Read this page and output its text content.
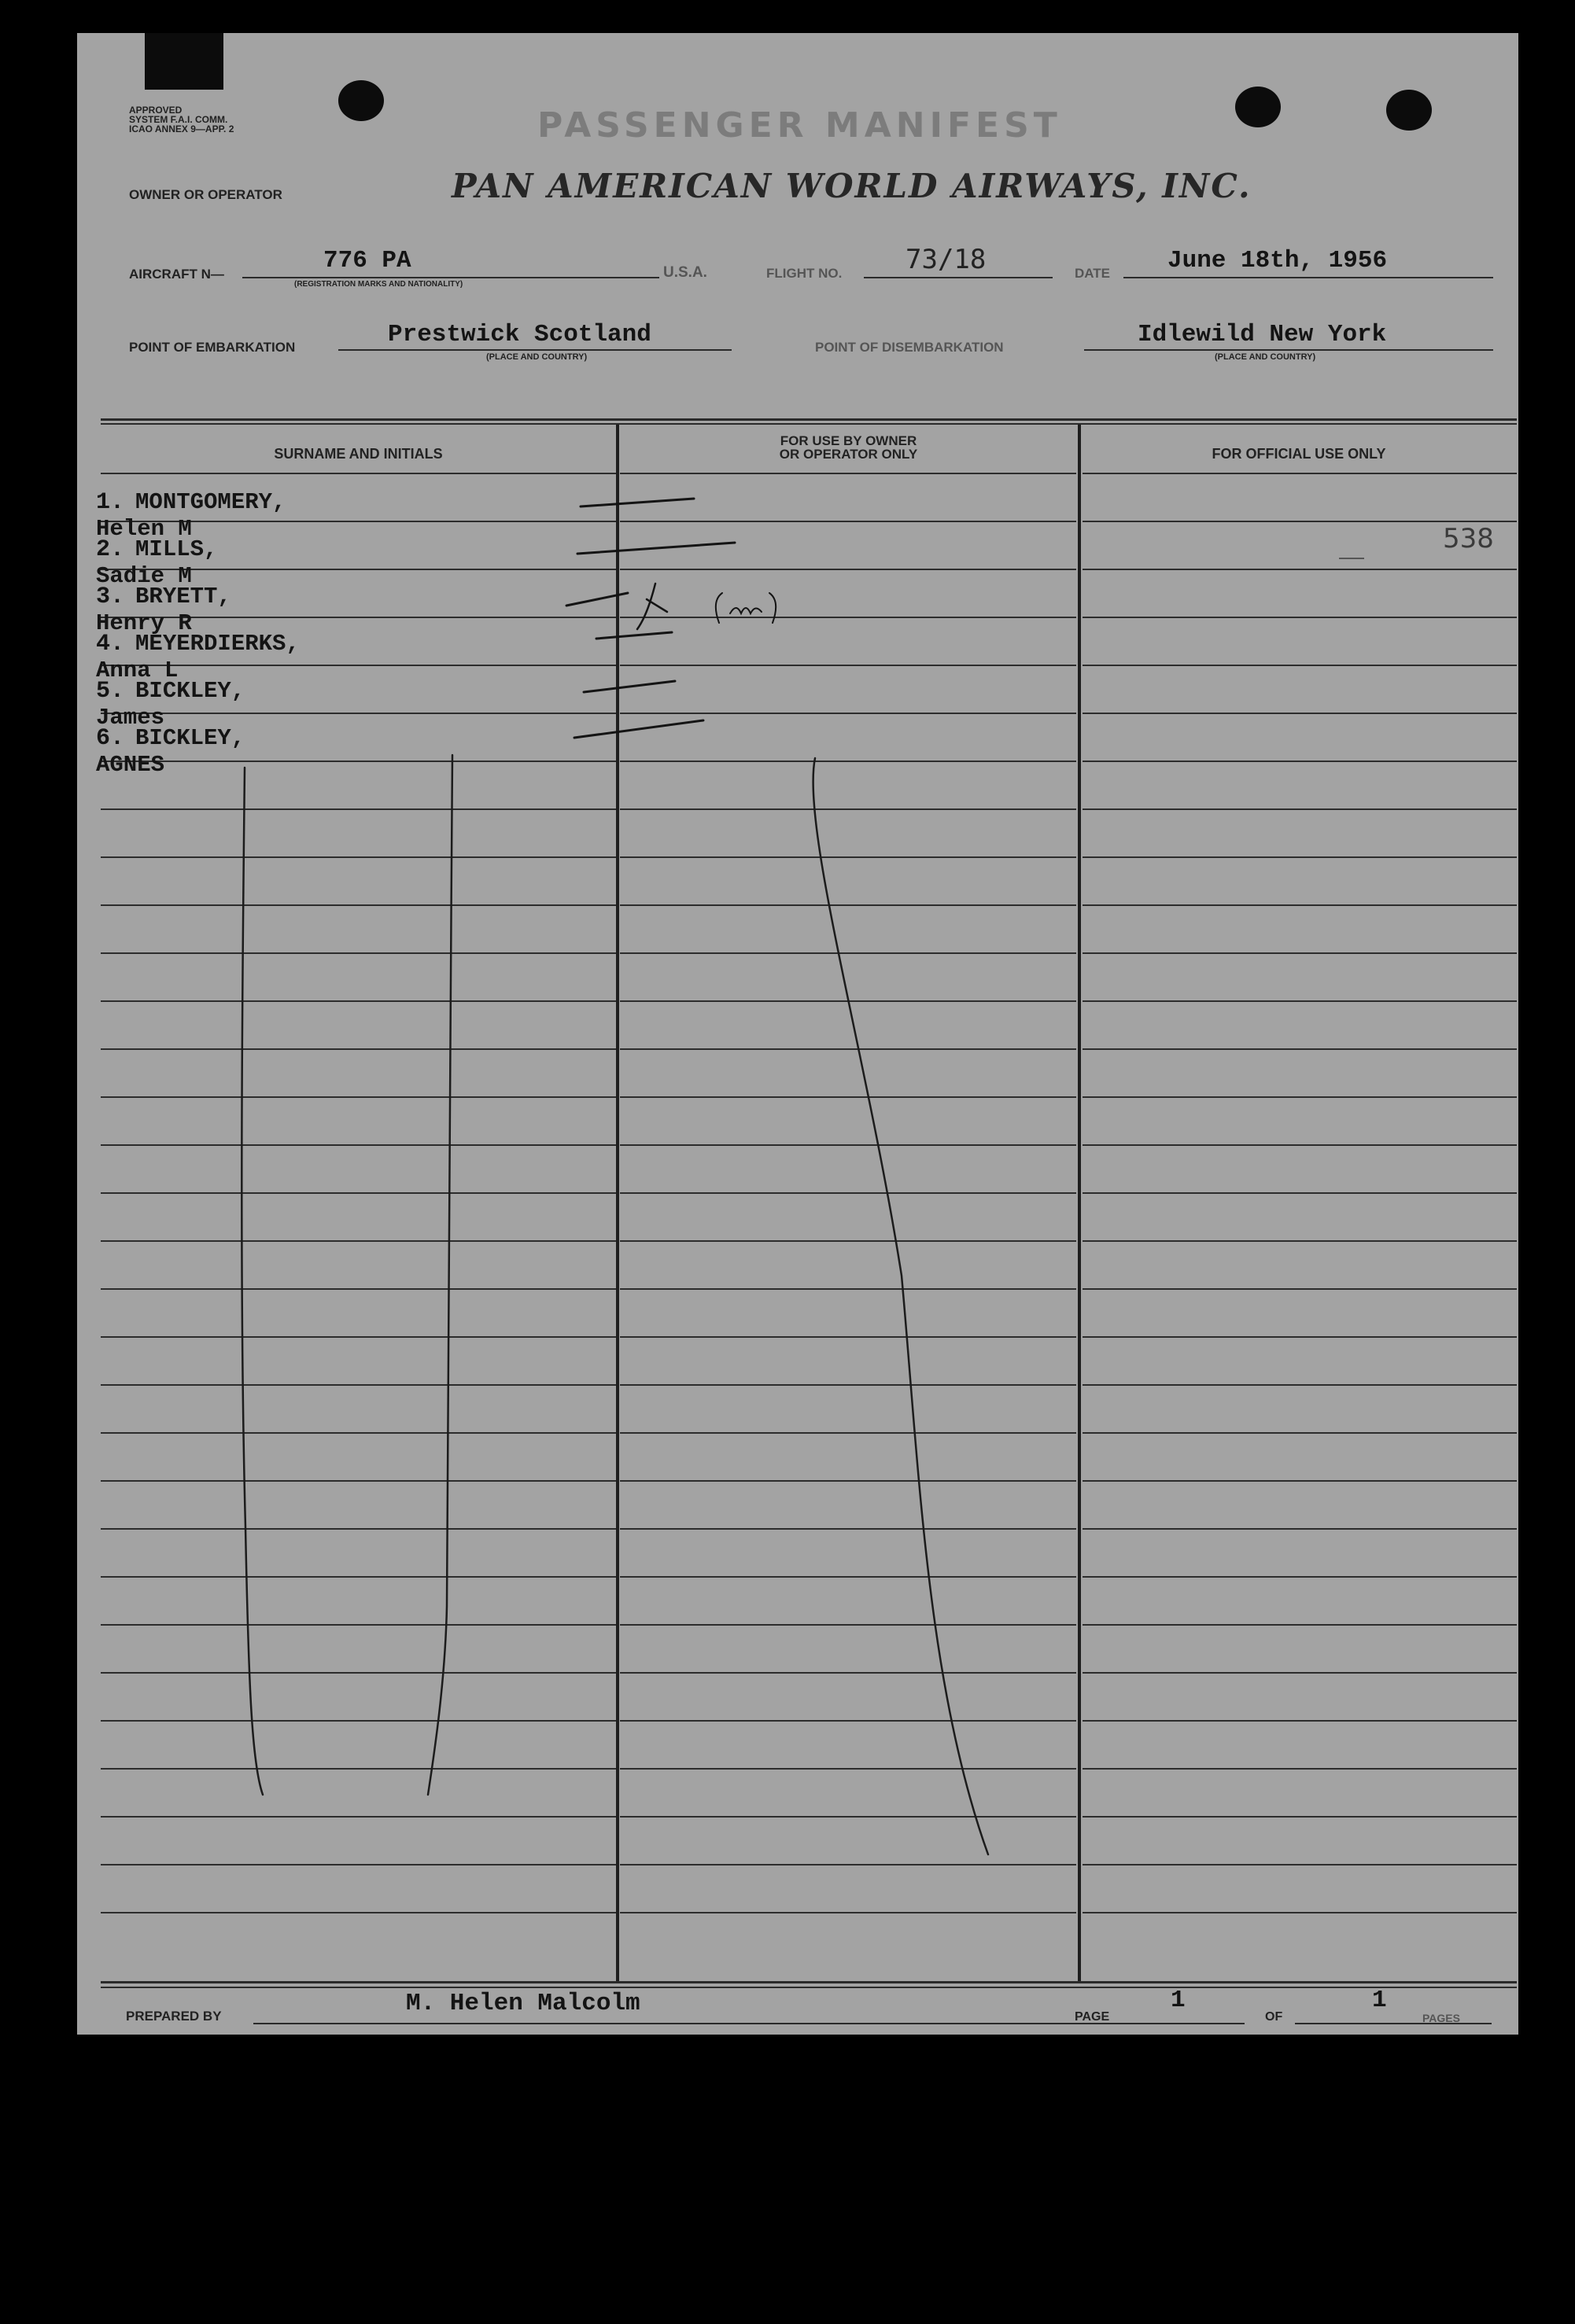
APPROVED
SYSTEM F.A.I. COMM.
ICAO ANNEX 9—APP. 2	PASSENGER MANIFEST
OWNER OR OPERATOR	PAN AMERICAN WORLD AIRWAYS, INC.
AIRCRAFT N—	776 PA
(REGISTRATION MARKS AND NATIONALITY)
U.S.A.	FLIGHT NO. 73/18	DATE June 18th, 1956
POINT OF EMBARKATION	Prestwick Scotland
(PLACE AND COUNTRY)
POINT OF DISEMBARKATION	Idlewild New York
(PLACE AND COUNTRY)
SURNAME AND INITIALS
FOR USE BY OWNER
OR OPERATOR ONLY	FOR OFFICIAL USE ONLY
1. MONTGOMERY, Helen M
2. MILLS, Sadie M
3. BRYETT, Henry R
4. MEYERDIERKS, Anna L
5. BICKLEY, James
6. BICKLEY, AGNES
538
PREPARED BY	M. Helen Malcolm	PAGE
1
OF
1
PAGES
